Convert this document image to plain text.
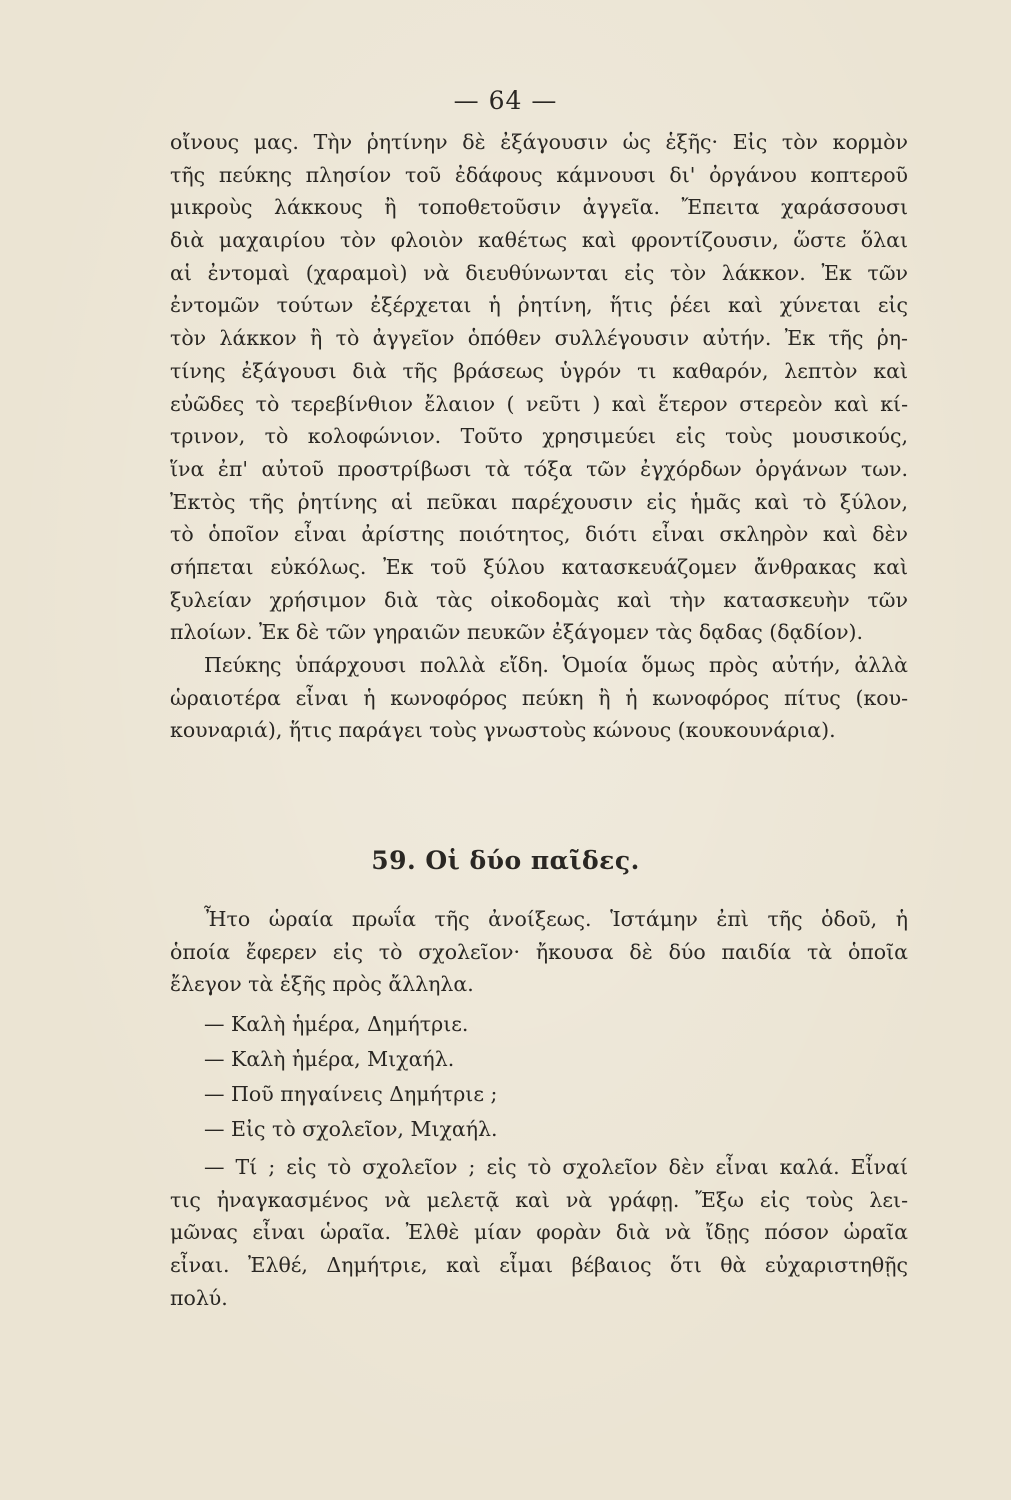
— 64 —
οἴνους μας. Τὴν ῥητίνην δὲ ἐξάγουσιν ὡς ἑξῆς· Εἰς τὸν κορμὸν
τῆς πεύκης πλησίον τοῦ ἐδάφους κάμνουσι δι' ὀργάνου κοπτεροῦ
μικροὺς λάκκους ἢ τοποθετοῦσιν ἀγγεῖα. Ἔπειτα χαράσσουσι
διὰ μαχαιρίου τὸν φλοιὸν καθέτως καὶ φροντίζουσιν, ὥστε ὅλαι
αἱ ἐντομαὶ (χαραμοὶ) νὰ διευθύνωνται εἰς τὸν λάκκον. Ἐκ τῶν
ἐντομῶν τούτων ἐξέρχεται ἡ ῥητίνη, ἥτις ῥέει καὶ χύνεται εἰς
τὸν λάκκον ἢ τὸ ἀγγεῖον ὁπόθεν συλλέγουσιν αὐτήν. Ἐκ τῆς ῥη-
τίνης ἐξάγουσι διὰ τῆς βράσεως ὑγρόν τι καθαρόν, λεπτὸν καὶ
εὐῶδες τὸ τερεβίνθιον ἔλαιον ( νεῦτι ) καὶ ἕτερον στερεὸν καὶ κί-
τρινον, τὸ κολοφώνιον. Τοῦτο χρησιμεύει εἰς τοὺς μουσικούς,
ἵνα ἐπ' αὐτοῦ προστρίβωσι τὰ τόξα τῶν ἐγχόρδων ὀργάνων των.
Ἐκτὸς τῆς ῥητίνης αἱ πεῦκαι παρέχουσιν εἰς ἡμᾶς καὶ τὸ ξύλον,
τὸ ὁποῖον εἶναι ἀρίστης ποιότητος, διότι εἶναι σκληρὸν καὶ δὲν
σήπεται εὐκόλως. Ἐκ τοῦ ξύλου κατασκευάζομεν ἄνθρακας καὶ
ξυλείαν χρήσιμον διὰ τὰς οἰκοδομὰς καὶ τὴν κατασκευὴν τῶν
πλοίων. Ἐκ δὲ τῶν γηραιῶν πευκῶν ἐξάγομεν τὰς δᾳδας (δᾳδίον).
Πεύκης ὑπάρχουσι πολλὰ εἴδη. Ὁμοία ὅμως πρὸς αὐτήν, ἀλλὰ
ὡραιοτέρα εἶναι ἡ κωνοφόρος πεύκη ἢ ἡ κωνοφόρος πίτυς (κου-
κουναριά), ἥτις παράγει τοὺς γνωστοὺς κώνους (κουκουνάρια).
59. Οἱ δύο παῖδες.
Ἦτο ὡραία πρωΐα τῆς ἀνοίξεως. Ἱστάμην ἐπὶ τῆς ὁδοῦ, ἡ
ὁποία ἔφερεν εἰς τὸ σχολεῖον· ἤκουσα δὲ δύο παιδία τὰ ὁποῖα
ἔλεγον τὰ ἑξῆς πρὸς ἄλληλα.
— Καλὴ ἡμέρα, Δημήτριε.
— Καλὴ ἡμέρα, Μιχαήλ.
— Ποῦ πηγαίνεις Δημήτριε ;
— Εἰς τὸ σχολεῖον, Μιχαήλ.
— Τί ; εἰς τὸ σχολεῖον ; εἰς τὸ σχολεῖον δὲν εἶναι καλά. Εἶναί
τις ἠναγκασμένος νὰ μελετᾷ καὶ νὰ γράφῃ. Ἔξω εἰς τοὺς λει-
μῶνας εἶναι ὡραῖα. Ἐλθὲ μίαν φορὰν διὰ νὰ ἴδῃς πόσον ὡραῖα
εἶναι. Ἐλθέ, Δημήτριε, καὶ εἶμαι βέβαιος ὅτι θὰ εὐχαριστηθῇς
πολύ.
